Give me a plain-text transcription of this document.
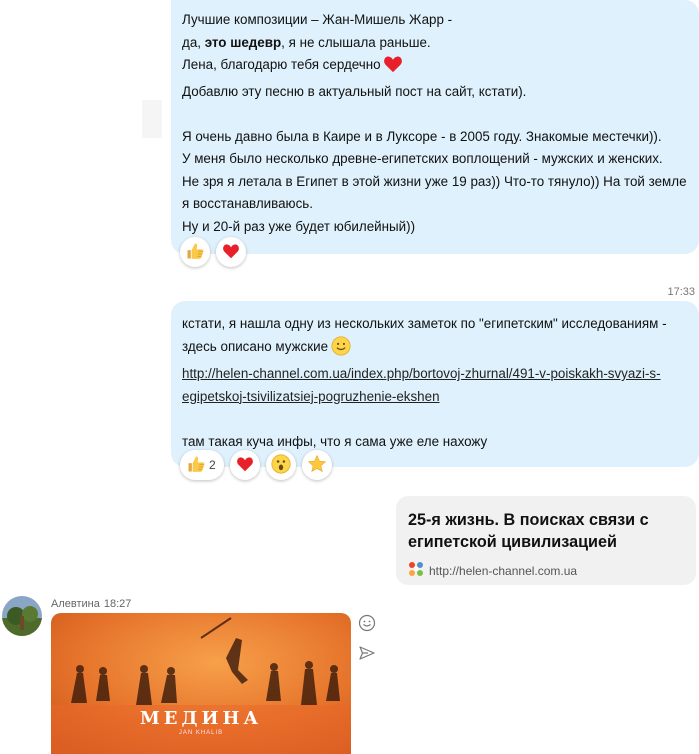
Лучшие композиции – Жан-Мишель Жарр -
да, это шедевр, я не слышала раньше.
Лена, благодарю тебя сердечно
Добавлю эту песню в актуальный пост на сайт, кстати).

Я очень давно была в Каире и в Луксоре - в 2005 году. Знакомые местечки)).
У меня было несколько древне-египетских воплощений - мужских и женских.
Не зря я летала в Египет в этой жизни уже 19 раз)) Что-то тянуло)) На той земле
я восстанавливаюсь.
Ну и 20-й раз уже будет юбилейный))
17:33
кстати, я нашла одну из нескольких заметок по "египетским" исследованиям -
здесь описано мужские
http://helen-channel.com.ua/index.php/bortovoj-zhurnal/491-v-poiskakh-svyazi-s-
egipetskoj-tsivilizatsiej-pogruzhenie-ekshen

там такая куча инфы, что я сама уже еле нахожу
2
25-я жизнь. В поисках связи с
египетской цивилизацией
http://helen-channel.com.ua
Алевтина 18:27
МЕДИНА
JAN KHALIB
